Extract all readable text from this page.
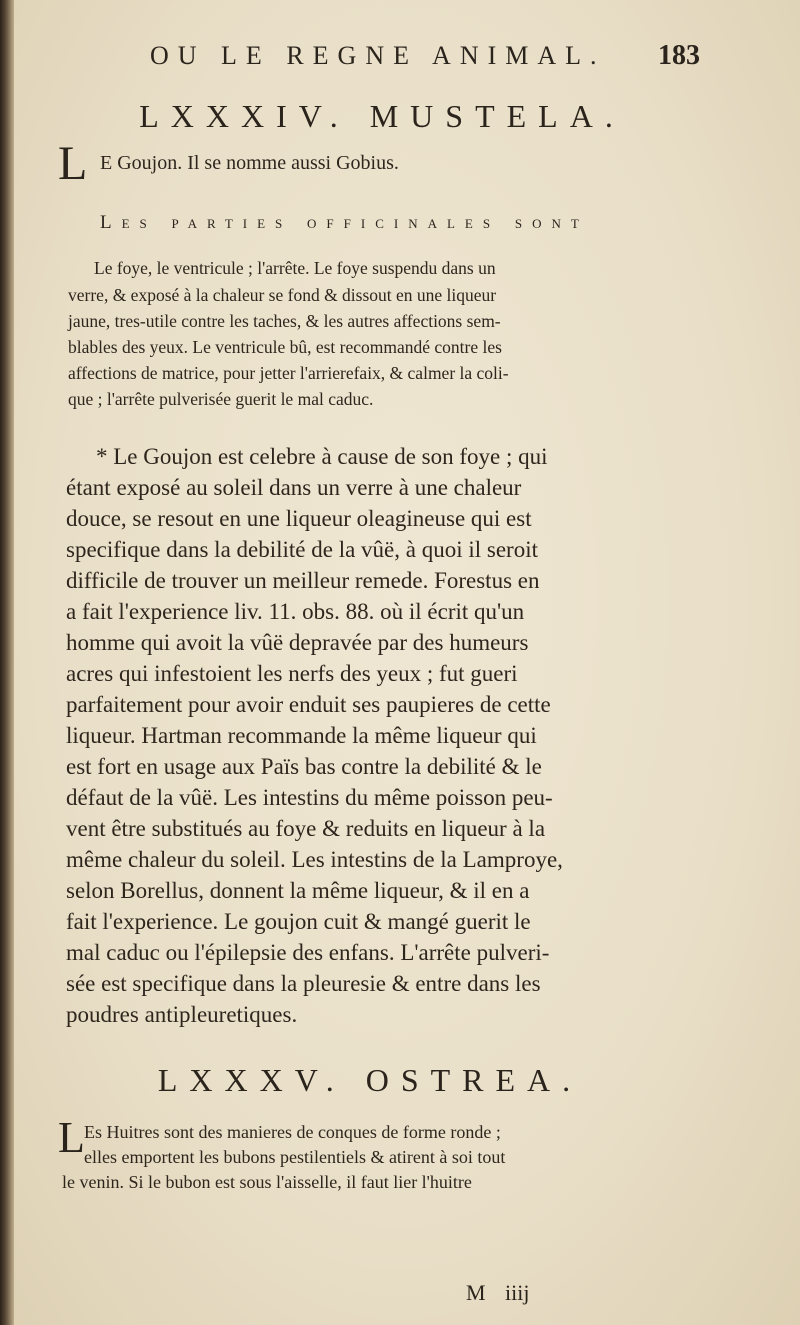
OU LE REGNE ANIMAL. 183
LXXXIV. MUSTELA.
L E Goujon. Il se nomme aussi Gobius.
Les parties officinales sont
Le foye, le ventricule ; l'arrête. Le foye suspendu dans un
verre, & exposé à la chaleur se fond & dissout en une liqueur
jaune, tres-utile contre les taches, & les autres affections sem-
blables des yeux. Le ventricule bû, est recommandé contre les
affections de matrice, pour jetter l'arrierefaix, & calmer la coli-
que ; l'arrête pulverisée guerit le mal caduc.
* Le Goujon est celebre à cause de son foye ; qui
étant exposé au soleil dans un verre à une chaleur
douce, se resout en une liqueur oleagineuse qui est
specifique dans la debilité de la vûë, à quoi il seroit
difficile de trouver un meilleur remede. Forestus en
a fait l'experience liv. 11. obs. 88. où il écrit qu'un
homme qui avoit la vûë depravée par des humeurs
acres qui infestoient les nerfs des yeux ; fut gueri
parfaitement pour avoir enduit ses paupieres de cette
liqueur. Hartman recommande la même liqueur qui
est fort en usage aux Païs bas contre la debilité & le
défaut de la vûë. Les intestins du même poisson peu-
vent être substitués au foye & reduits en liqueur à la
même chaleur du soleil. Les intestins de la Lamproye,
selon Borellus, donnent la même liqueur, & il en a
fait l'experience. Le goujon cuit & mangé guerit le
mal caduc ou l'épilepsie des enfans. L'arrête pulveri-
sée est specifique dans la pleuresie & entre dans les
poudres antipleuretiques.
LXXXV. OSTREA.
L Es Huitres sont des manieres de conques de forme ronde ;
elles emportent les bubons pestilentiels & atirent à soi tout
le venin. Si le bubon est sous l'aisselle, il faut lier l'huitre
M iiij
